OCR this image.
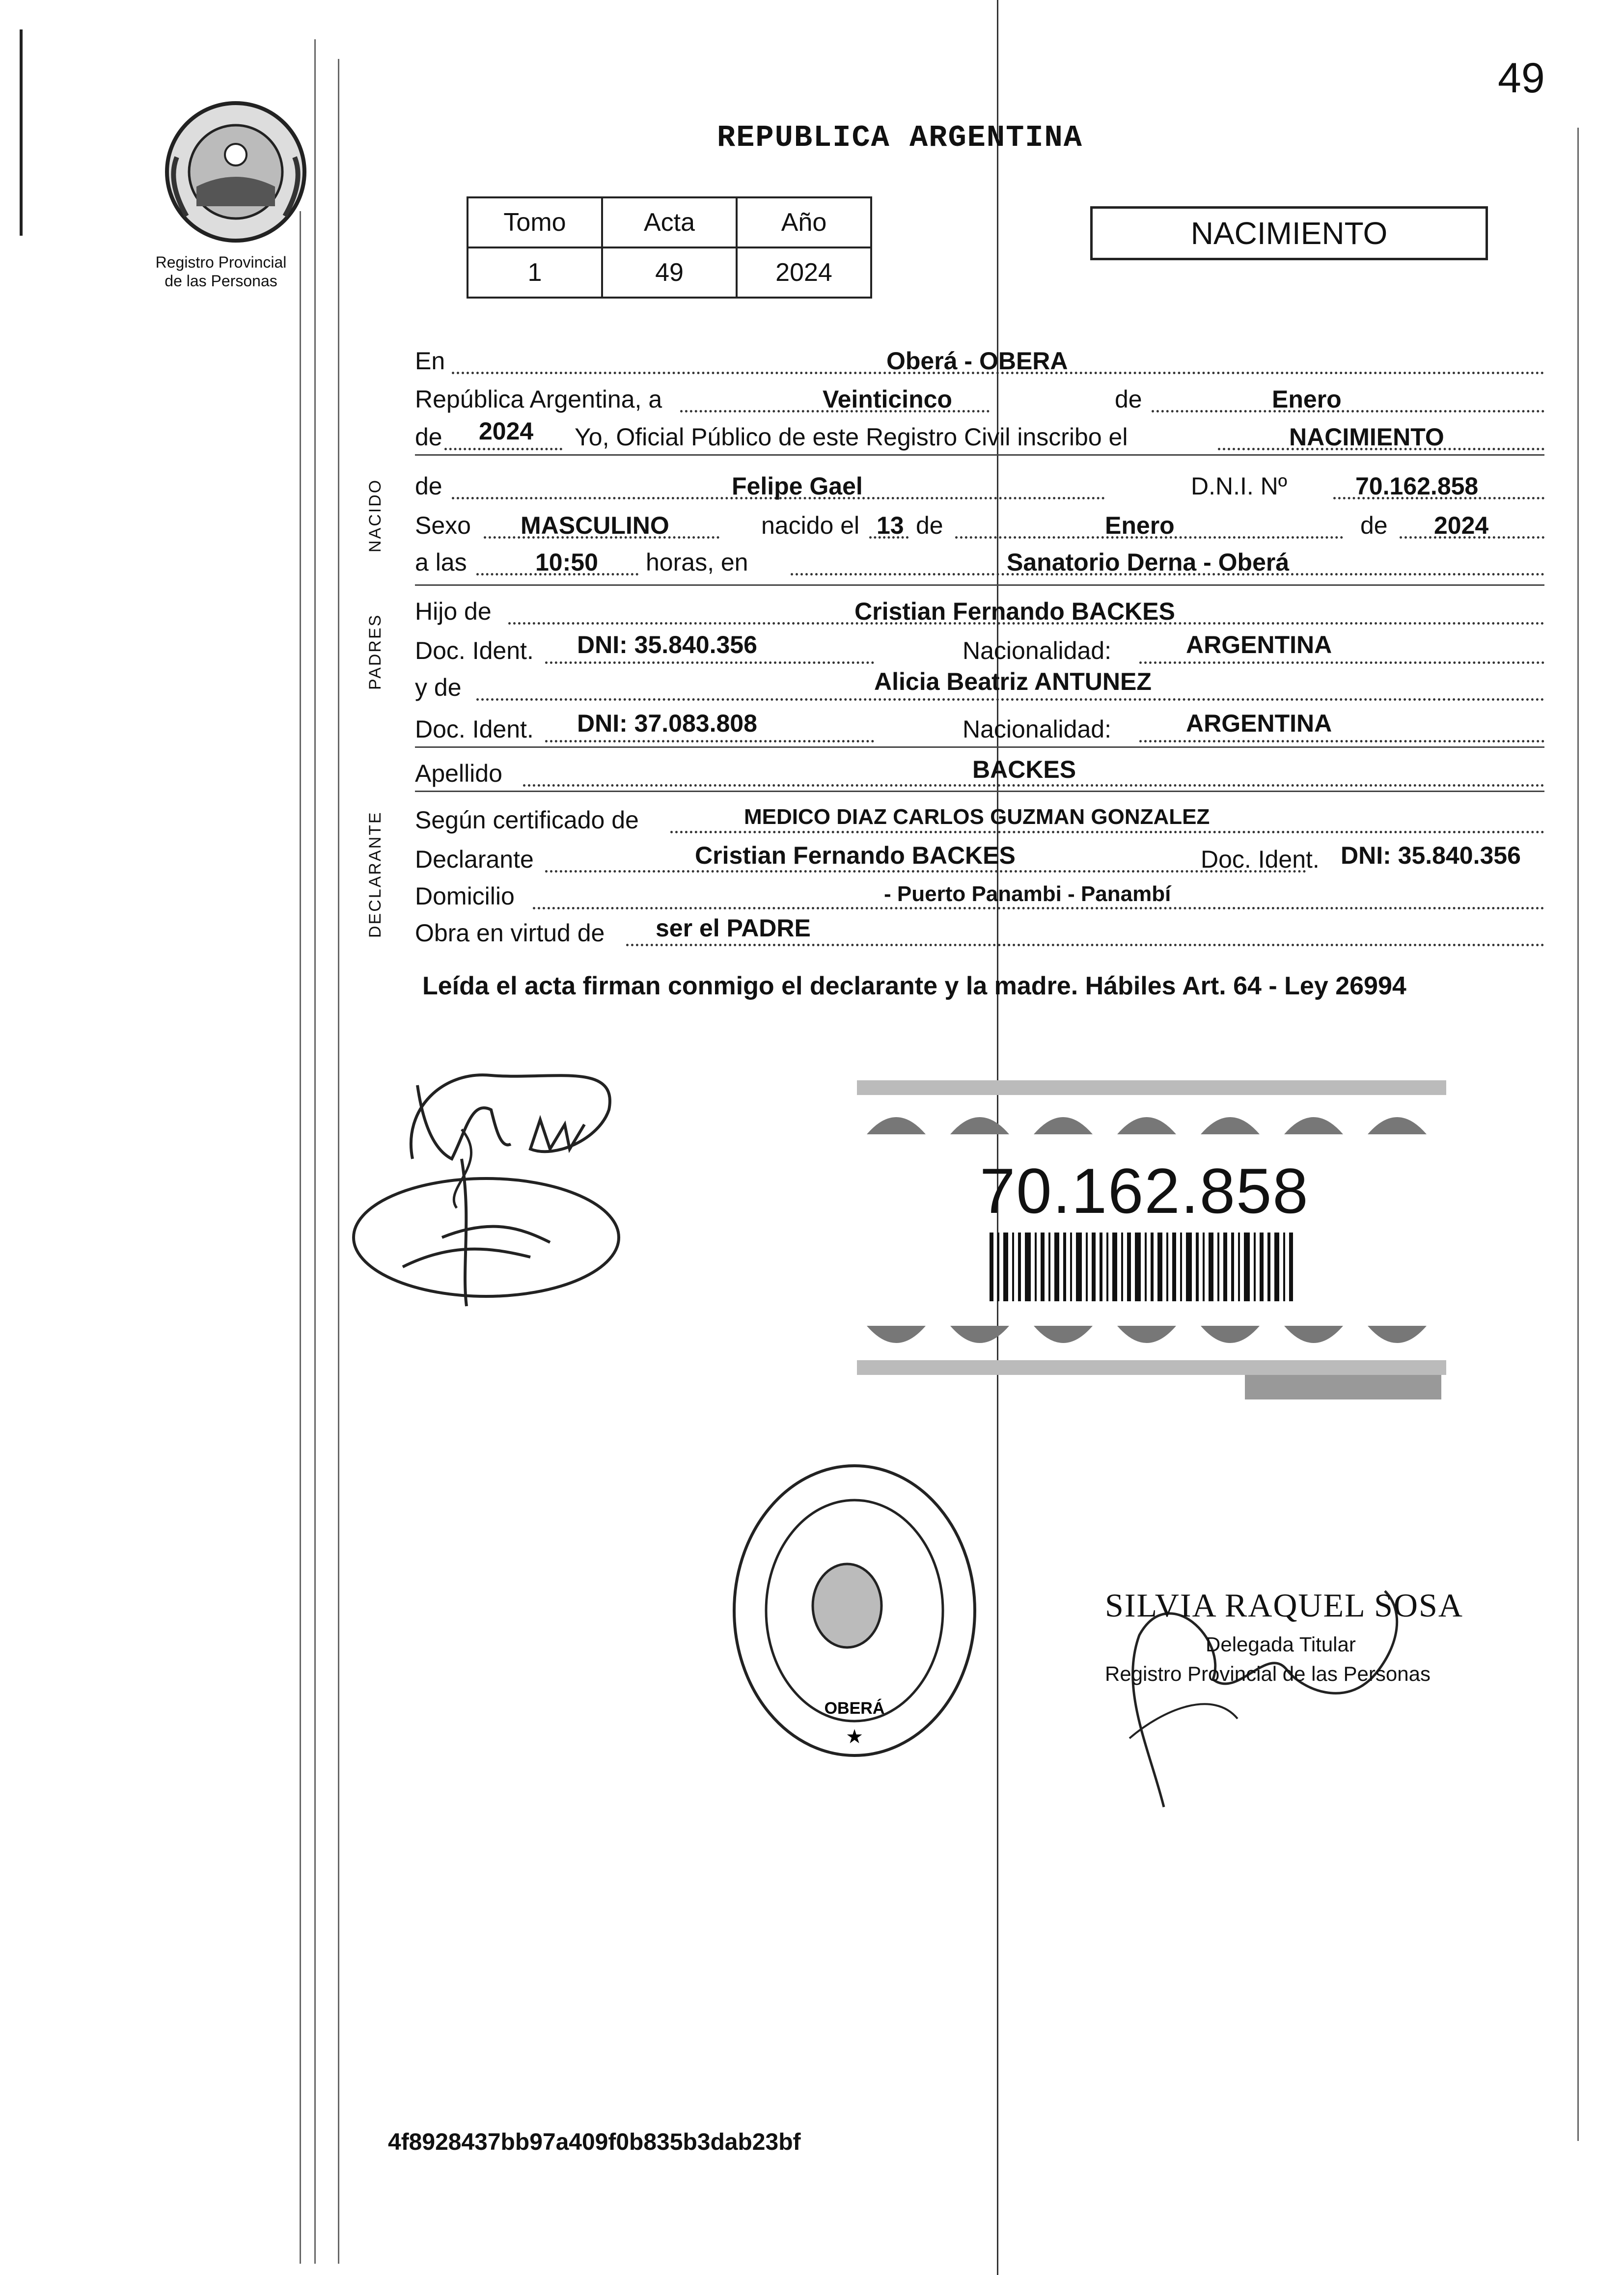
49
Registro Provincial
de las Personas
REPUBLICA ARGENTINA
Tomo	Acta	Año
1	49	2024
NACIMIENTO
NACIDO
PADRES
DECLARANTE
En	Oberá - OBERA
República Argentina, a	Veinticinco	de	Enero
de 2024 Yo, Oficial Público de este Registro Civil inscribo el	NACIMIENTO
de	Felipe Gael	D.N.I. Nº	70.162.858
Sexo MASCULINO	nacido el 13 de	Enero	de 2024
a las	10:50 horas, en	Sanatorio Derna - Oberá
Hijo de	Cristian Fernando BACKES
Doc. Ident. DNI: 35.840.356	Nacionalidad:	ARGENTINA
y de	Alicia Beatriz ANTUNEZ
Doc. Ident. DNI: 37.083.808	Nacionalidad:	ARGENTINA
Apellido	BACKES
Según certificado de	MEDICO DIAZ CARLOS GUZMAN GONZALEZ
Declarante	Cristian Fernando BACKES	Doc. Ident. DNI: 35.840.356
Domicilio	- Puerto Panambi - Panambí
Obra en virtud de ser el PADRE
Leída el acta firman conmigo el declarante y la madre. Hábiles Art. 64 - Ley 26994
70.162.858
OBERÁ
★
SILVIA RAQUEL SOSA
Delegada Titular
Registro Provincial de las Personas
4f8928437bb97a409f0b835b3dab23bf
